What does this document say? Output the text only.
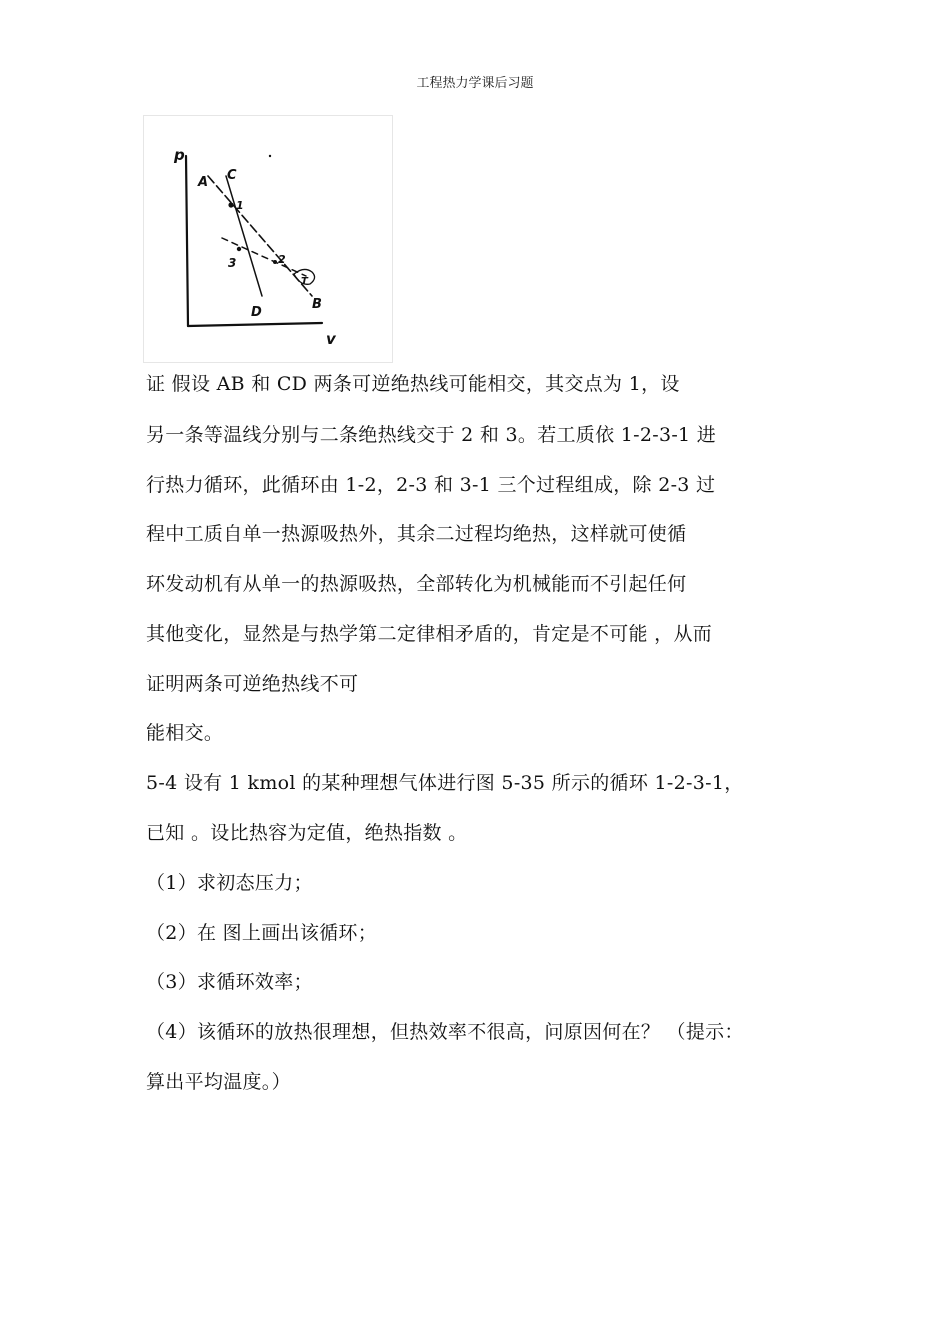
工程热力学课后习题
p
A C
1
3	2
T
B
D
v
证 假设 AB 和 CD 两条可逆绝热线可能相交，其交点为 1，设
另一条等温线分别与二条绝热线交于 2 和 3。若工质依 1-2-3-1 进
行热力循环，此循环由 1-2，2-3 和 3-1 三个过程组成，除 2-3 过
程中工质自单一热源吸热外，其余二过程均绝热，这样就可使循
环发动机有从单一的热源吸热，全部转化为机械能而不引起任何
其他变化，显然是与热学第二定律相矛盾的，肯定是不可能 ，从而
证明两条可逆绝热线不可
能相交。
5-4 设有 1 kmol 的某种理想气体进行图 5-35 所示的循环 1-2-3-1，
已知 。设比热容为定值，绝热指数 。
（1）求初态压力；
（2）在 图上画出该循环；
（3）求循环效率；
（4）该循环的放热很理想，但热效率不很高，问原因何在？ （提示：
算出平均温度。）
